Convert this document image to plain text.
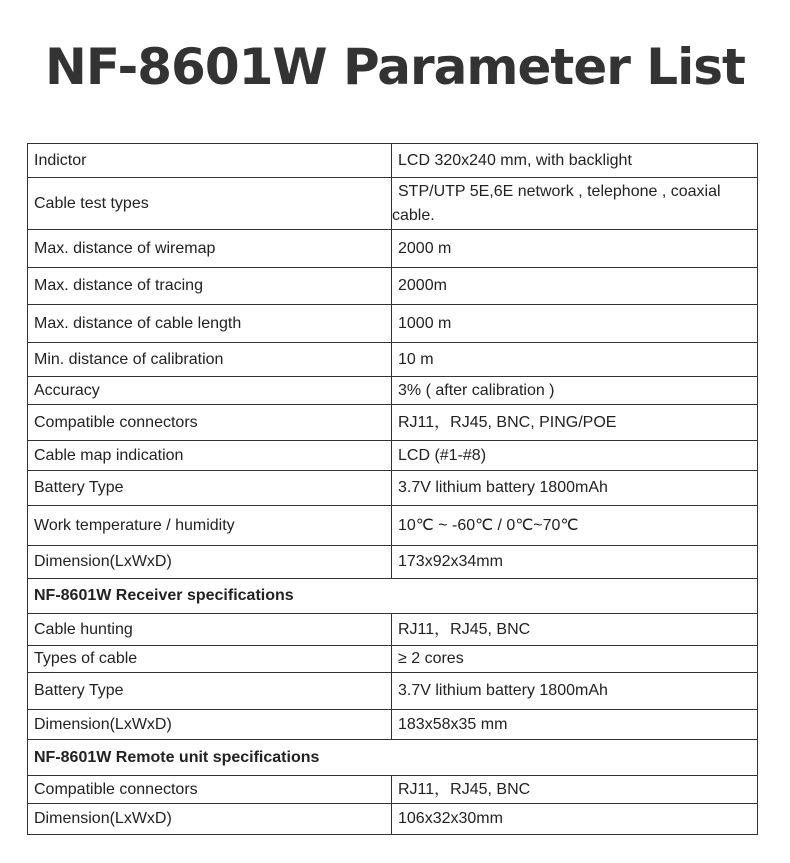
NF-8601W Parameter List
Indictor	LCD 320x240 mm, with backlight
Cable test types	STP/UTP 5E,6E network , telephone , coaxial cable.
Max. distance of wiremap	2000 m
Max. distance of tracing	2000m
Max. distance of cable length	1000 m
Min. distance of calibration	10 m
Accuracy	3% ( after calibration )
Compatible connectors	RJ11，RJ45, BNC, PING/POE
Cable map indication	LCD (#1-#8)
Battery Type	3.7V lithium battery 1800mAh
Work temperature / humidity	10℃ ~ -60℃ / 0℃~70℃
Dimension(LxWxD)	173x92x34mm
NF-8601W Receiver specifications	
Cable hunting	RJ11，RJ45, BNC
Types of cable	≥ 2 cores
Battery Type	3.7V lithium battery 1800mAh
Dimension(LxWxD)	183x58x35 mm
NF-8601W Remote unit specifications	
Compatible connectors	RJ11，RJ45, BNC
Dimension(LxWxD)	106x32x30mm
